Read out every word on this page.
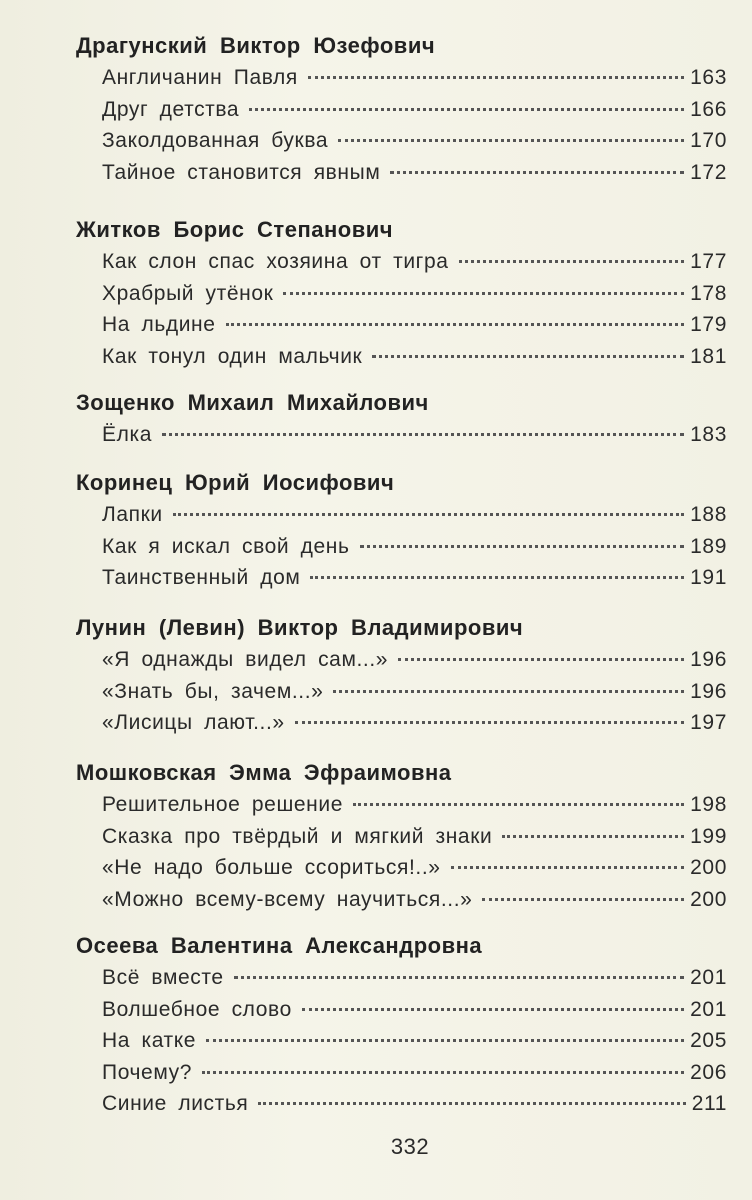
Драгунский Виктор Юзефович
Англичанин Павля	163
Друг детства	166
Заколдованная буква	170
Тайное становится явным	172
Житков Борис Степанович
Как слон спас хозяина от тигра	177
Храбрый утёнок	178
На льдине	179
Как тонул один мальчик	181
Зощенко Михаил Михайлович
Ёлка	183
Коринец Юрий Иосифович
Лапки	188
Как я искал свой день	189
Таинственный дом	191
Лунин (Левин) Виктор Владимирович
«Я однажды видел сам...»	196
«Знать бы, зачем...»	196
«Лисицы лают...»	197
Мошковская Эмма Эфраимовна
Решительное решение	198
Сказка про твёрдый и мягкий знаки	199
«Не надо больше ссориться!..»	200
«Можно всему-всему научиться...»	200
Осеева Валентина Александровна
Всё вместе	201
Волшебное слово	201
На катке	205
Почему?	206
Синие листья	211
332
